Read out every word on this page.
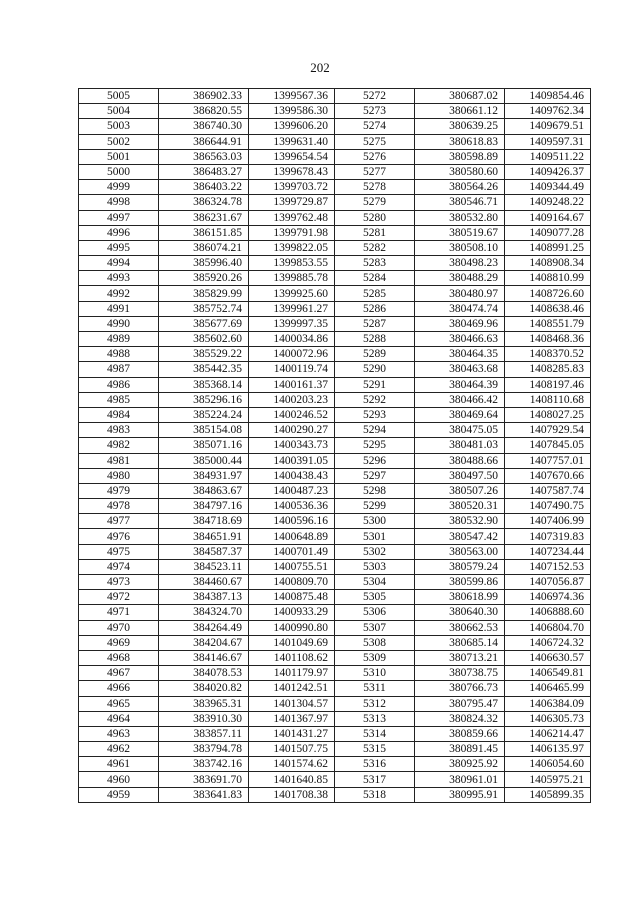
202
5005	386902.33	1399567.36	5272	380687.02	1409854.46
5004	386820.55	1399586.30	5273	380661.12	1409762.34
5003	386740.30	1399606.20	5274	380639.25	1409679.51
5002	386644.91	1399631.40	5275	380618.83	1409597.31
5001	386563.03	1399654.54	5276	380598.89	1409511.22
5000	386483.27	1399678.43	5277	380580.60	1409426.37
4999	386403.22	1399703.72	5278	380564.26	1409344.49
4998	386324.78	1399729.87	5279	380546.71	1409248.22
4997	386231.67	1399762.48	5280	380532.80	1409164.67
4996	386151.85	1399791.98	5281	380519.67	1409077.28
4995	386074.21	1399822.05	5282	380508.10	1408991.25
4994	385996.40	1399853.55	5283	380498.23	1408908.34
4993	385920.26	1399885.78	5284	380488.29	1408810.99
4992	385829.99	1399925.60	5285	380480.97	1408726.60
4991	385752.74	1399961.27	5286	380474.74	1408638.46
4990	385677.69	1399997.35	5287	380469.96	1408551.79
4989	385602.60	1400034.86	5288	380466.63	1408468.36
4988	385529.22	1400072.96	5289	380464.35	1408370.52
4987	385442.35	1400119.74	5290	380463.68	1408285.83
4986	385368.14	1400161.37	5291	380464.39	1408197.46
4985	385296.16	1400203.23	5292	380466.42	1408110.68
4984	385224.24	1400246.52	5293	380469.64	1408027.25
4983	385154.08	1400290.27	5294	380475.05	1407929.54
4982	385071.16	1400343.73	5295	380481.03	1407845.05
4981	385000.44	1400391.05	5296	380488.66	1407757.01
4980	384931.97	1400438.43	5297	380497.50	1407670.66
4979	384863.67	1400487.23	5298	380507.26	1407587.74
4978	384797.16	1400536.36	5299	380520.31	1407490.75
4977	384718.69	1400596.16	5300	380532.90	1407406.99
4976	384651.91	1400648.89	5301	380547.42	1407319.83
4975	384587.37	1400701.49	5302	380563.00	1407234.44
4974	384523.11	1400755.51	5303	380579.24	1407152.53
4973	384460.67	1400809.70	5304	380599.86	1407056.87
4972	384387.13	1400875.48	5305	380618.99	1406974.36
4971	384324.70	1400933.29	5306	380640.30	1406888.60
4970	384264.49	1400990.80	5307	380662.53	1406804.70
4969	384204.67	1401049.69	5308	380685.14	1406724.32
4968	384146.67	1401108.62	5309	380713.21	1406630.57
4967	384078.53	1401179.97	5310	380738.75	1406549.81
4966	384020.82	1401242.51	5311	380766.73	1406465.99
4965	383965.31	1401304.57	5312	380795.47	1406384.09
4964	383910.30	1401367.97	5313	380824.32	1406305.73
4963	383857.11	1401431.27	5314	380859.66	1406214.47
4962	383794.78	1401507.75	5315	380891.45	1406135.97
4961	383742.16	1401574.62	5316	380925.92	1406054.60
4960	383691.70	1401640.85	5317	380961.01	1405975.21
4959	383641.83	1401708.38	5318	380995.91	1405899.35
